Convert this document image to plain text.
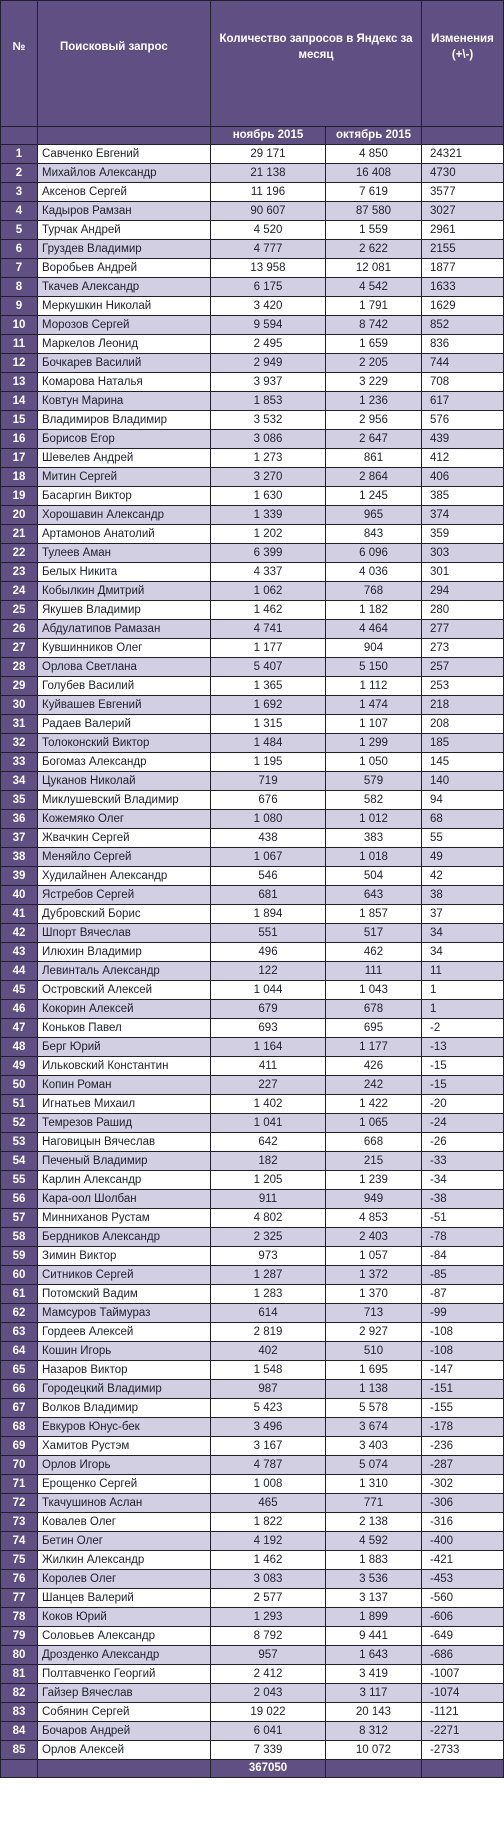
№	Поисковый запрос	Количество запросов в Яндекс за месяц		Изменения (+\-)
		ноябрь 2015	октябрь 2015	
1	Савченко Евгений	29 171	4 850	24321
2	Михайлов Александр	21 138	16 408	4730
3	Аксенов Сергей	11 196	7 619	3577
4	Кадыров Рамзан	90 607	87 580	3027
5	Турчак Андрей	4 520	1 559	2961
6	Груздев Владимир	4 777	2 622	2155
7	Воробьев Андрей	13 958	12 081	1877
8	Ткачев Александр	6 175	4 542	1633
9	Меркушкин Николай	3 420	1 791	1629
10	Морозов Сергей	9 594	8 742	852
11	Маркелов Леонид	2 495	1 659	836
12	Бочкарев Василий	2 949	2 205	744
13	Комарова Наталья	3 937	3 229	708
14	Ковтун Марина	1 853	1 236	617
15	Владимиров Владимир	3 532	2 956	576
16	Борисов Егор	3 086	2 647	439
17	Шевелев Андрей	1 273	861	412
18	Митин Сергей	3 270	2 864	406
19	Басаргин Виктор	1 630	1 245	385
20	Хорошавин Александр	1 339	965	374
21	Артамонов Анатолий	1 202	843	359
22	Тулеев Аман	6 399	6 096	303
23	Белых Никита	4 337	4 036	301
24	Кобылкин Дмитрий	1 062	768	294
25	Якушев Владимир	1 462	1 182	280
26	Абдулатипов Рамазан	4 741	4 464	277
27	Кувшинников Олег	1 177	904	273
28	Орлова Светлана	5 407	5 150	257
29	Голубев Василий	1 365	1 112	253
30	Куйвашев Евгений	1 692	1 474	218
31	Радаев Валерий	1 315	1 107	208
32	Толоконский Виктор	1 484	1 299	185
33	Богомаз Александр	1 195	1 050	145
34	Цуканов Николай	719	579	140
35	Миклушевский Владимир	676	582	94
36	Кожемяко Олег	1 080	1 012	68
37	Жвачкин Сергей	438	383	55
38	Меняйло Сергей	1 067	1 018	49
39	Худилайнен Александр	546	504	42
40	Ястребов Сергей	681	643	38
41	Дубровский Борис	1 894	1 857	37
42	Шпорт Вячеслав	551	517	34
43	Илюхин Владимир	496	462	34
44	Левинталь Александр	122	111	11
45	Островский Алексей	1 044	1 043	1
46	Кокорин Алексей	679	678	1
47	Коньков Павел	693	695	-2
48	Берг Юрий	1 164	1 177	-13
49	Ильковский Константин	411	426	-15
50	Копин Роман	227	242	-15
51	Игнатьев Михаил	1 402	1 422	-20
52	Темрезов Рашид	1 041	1 065	-24
53	Наговицын Вячеслав	642	668	-26
54	Печеный Владимир	182	215	-33
55	Карлин Александр	1 205	1 239	-34
56	Кара-оол Шолбан	911	949	-38
57	Минниханов Рустам	4 802	4 853	-51
58	Бердников Александр	2 325	2 403	-78
59	Зимин Виктор	973	1 057	-84
60	Ситников Сергей	1 287	1 372	-85
61	Потомский Вадим	1 283	1 370	-87
62	Мамсуров Таймураз	614	713	-99
63	Гордеев Алексей	2 819	2 927	-108
64	Кошин Игорь	402	510	-108
65	Назаров Виктор	1 548	1 695	-147
66	Городецкий Владимир	987	1 138	-151
67	Волков Владимир	5 423	5 578	-155
68	Евкуров Юнус-бек	3 496	3 674	-178
69	Хамитов Рустэм	3 167	3 403	-236
70	Орлов Игорь	4 787	5 074	-287
71	Ерощенко Сергей	1 008	1 310	-302
72	Ткачушинов Аслан	465	771	-306
73	Ковалев Олег	1 822	2 138	-316
74	Бетин Олег	4 192	4 592	-400
75	Жилкин Александр	1 462	1 883	-421
76	Королев Олег	3 083	3 536	-453
77	Шанцев Валерий	2 577	3 137	-560
78	Коков Юрий	1 293	1 899	-606
79	Соловьев Александр	8 792	9 441	-649
80	Дрозденко Александр	957	1 643	-686
81	Полтавченко Георгий	2 412	3 419	-1007
82	Гайзер Вячеслав	2 043	3 117	-1074
83	Собянин Сергей	19 022	20 143	-1121
84	Бочаров Андрей	6 041	8 312	-2271
85	Орлов Алексей	7 339	10 072	-2733
		367050		
